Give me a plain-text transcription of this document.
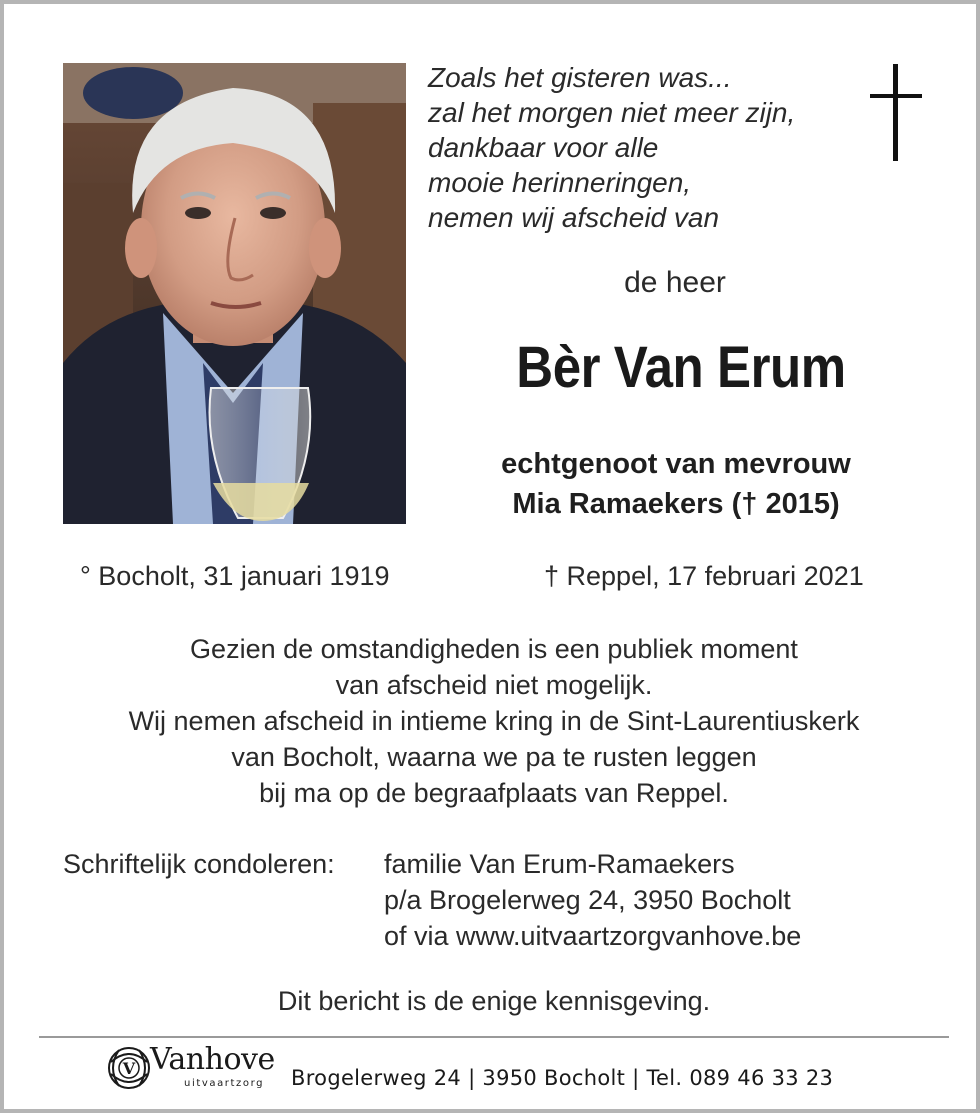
Zoals het gisteren was...
zal het morgen niet meer zijn,
dankbaar voor alle
mooie herinneringen,
nemen wij afscheid van

de heer

Bèr Van Erum

echtgenoot van mevrouw
Mia Ramaekers († 2015)

° Bocholt, 31 januari 1919	† Reppel, 17 februari 2021

Gezien de omstandigheden is een publiek moment
van afscheid niet mogelijk.
Wij nemen afscheid in intieme kring in de Sint-Laurentiuskerk
van Bocholt, waarna we pa te rusten leggen
bij ma op de begraafplaats van Reppel.

Schriftelijk condoleren: familie Van Erum-Ramaekers
p/a Brogelerweg 24, 3950 Bocholt
of via www.uitvaartzorgvanhove.be

Dit bericht is de enige kennisgeving.

V Vanhove

uitvaartzorg Brogelerweg 24 | 3950 Bocholt | Tel. 089 46 33 23
